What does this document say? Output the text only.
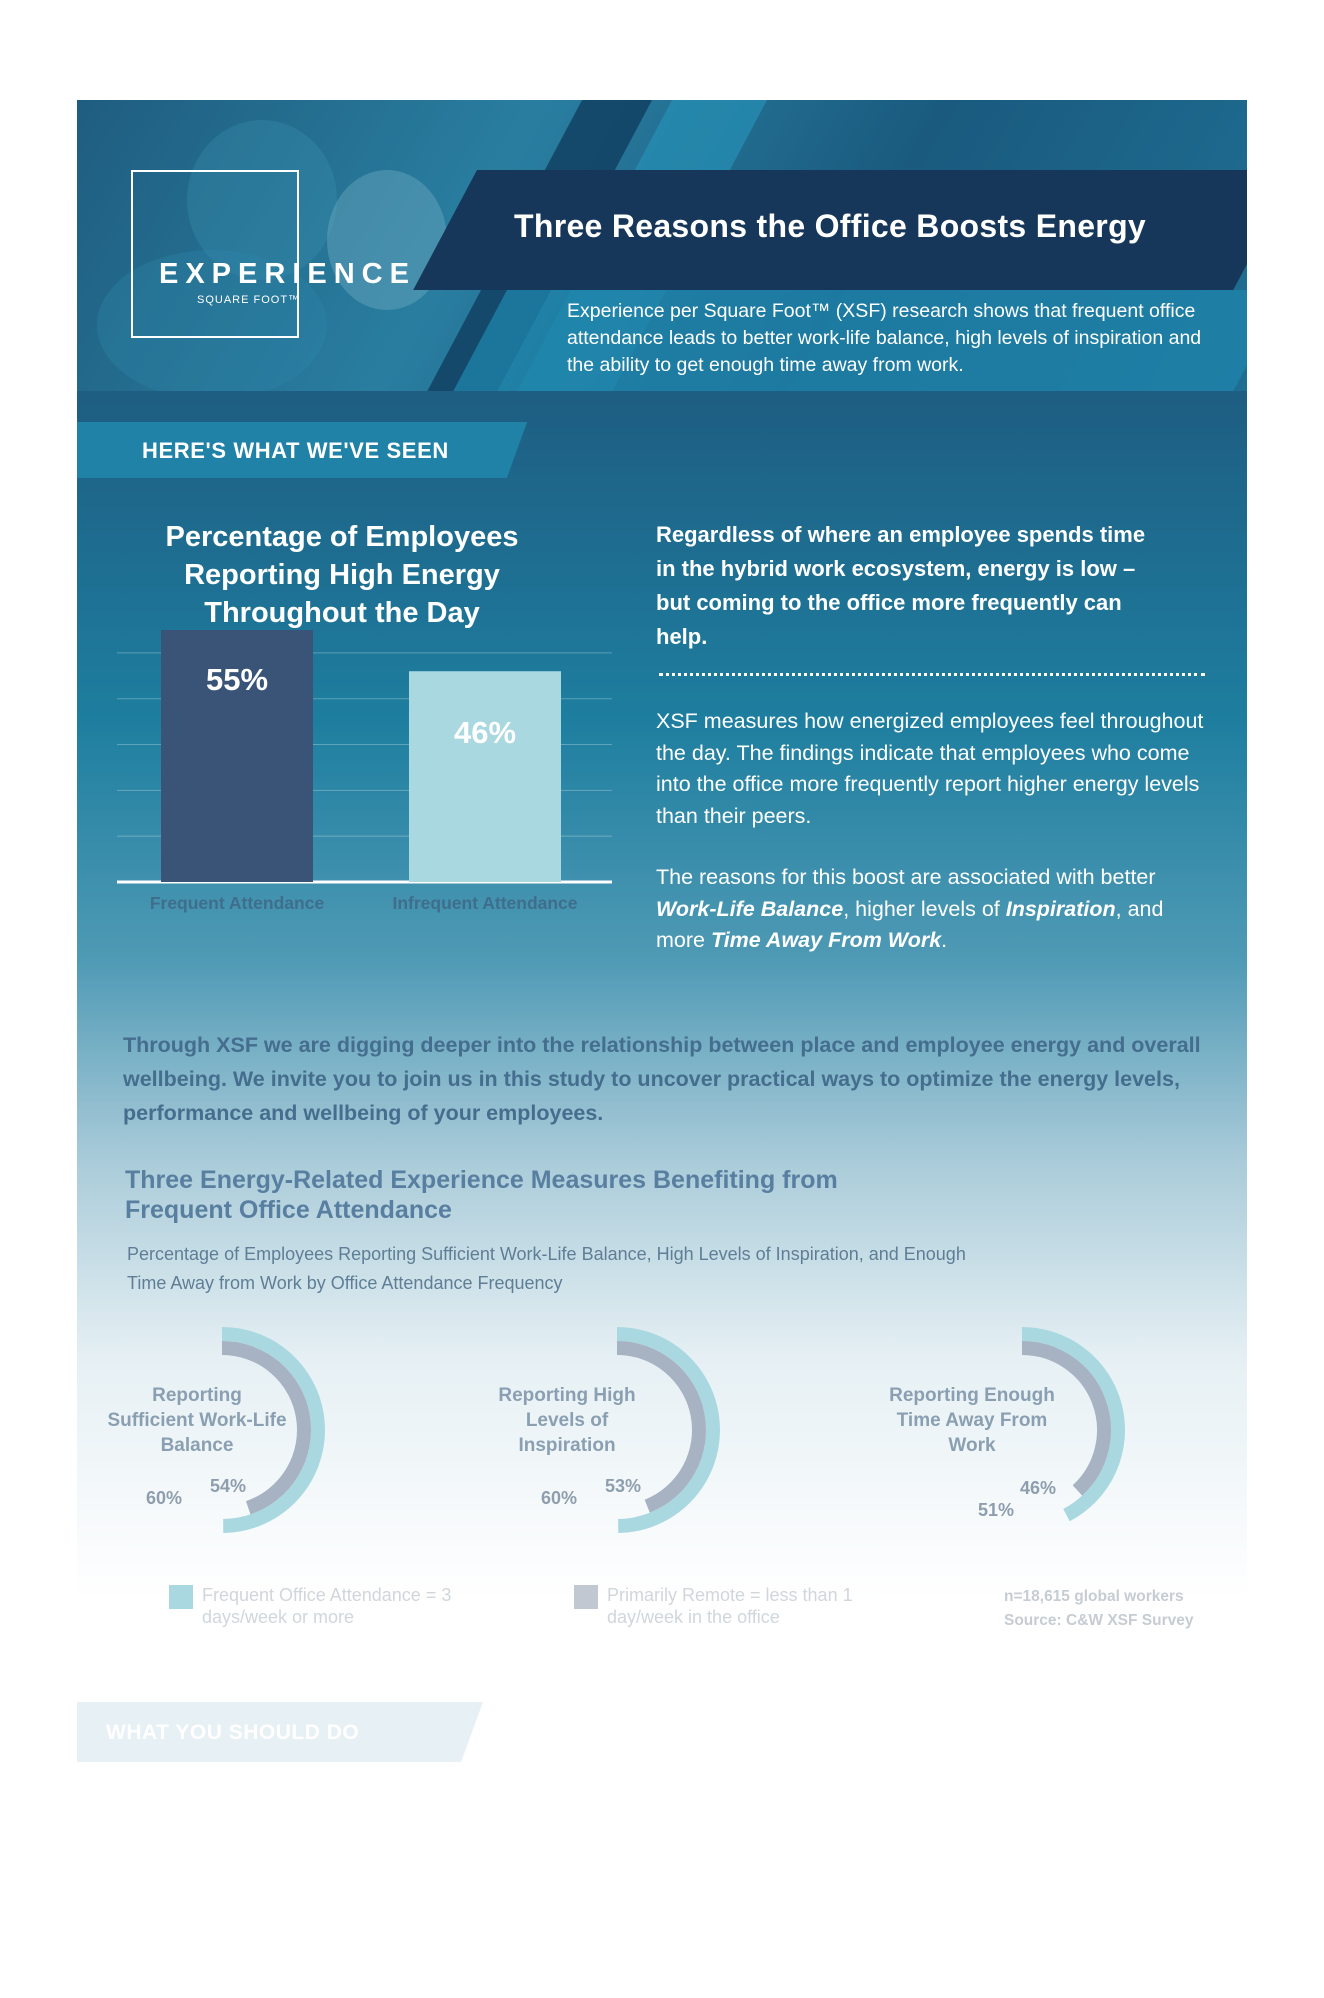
Three Reasons the Office Boosts Energy
Experience per Square Foot™ (XSF) research shows that frequent office attendance leads to better work-life balance, high levels of inspiration and the ability to get enough time away from work.
EXPERIENCE
SQUARE FOOT™
HERE'S WHAT WE'VE SEEN
Percentage of Employees Reporting High Energy Throughout the Day
55%
Frequent Attendance
46%
Infrequent Attendance
Regardless of where an employee spends time in the hybrid work ecosystem, energy is low – but coming to the office more frequently can help.
XSF measures how energized employees feel throughout the day. The findings indicate that employees who come into the office more frequently report higher energy levels than their peers.
The reasons for this boost are associated with better Work-Life Balance, higher levels of Inspiration, and more Time Away From Work.
Through XSF we are digging deeper into the relationship between place and employee energy and overall wellbeing. We invite you to join us in this study to uncover practical ways to optimize the energy levels, performance and wellbeing of your employees.
Three Energy-Related Experience Measures Benefiting from Frequent Office Attendance
Percentage of Employees Reporting Sufficient Work-Life Balance, High Levels of Inspiration, and Enough Time Away from Work by Office Attendance Frequency
Reporting Sufficient Work-Life Balance
60%
54%
Reporting High Levels of Inspiration
60%
53%
Reporting Enough Time Away From Work
51%
46%
Frequent Office Attendance = 3 days/week or more
Primarily Remote = less than 1 day/week in the office
n=18,615 global workers
Source: C&W XSF Survey
WHAT YOU SHOULD DO
